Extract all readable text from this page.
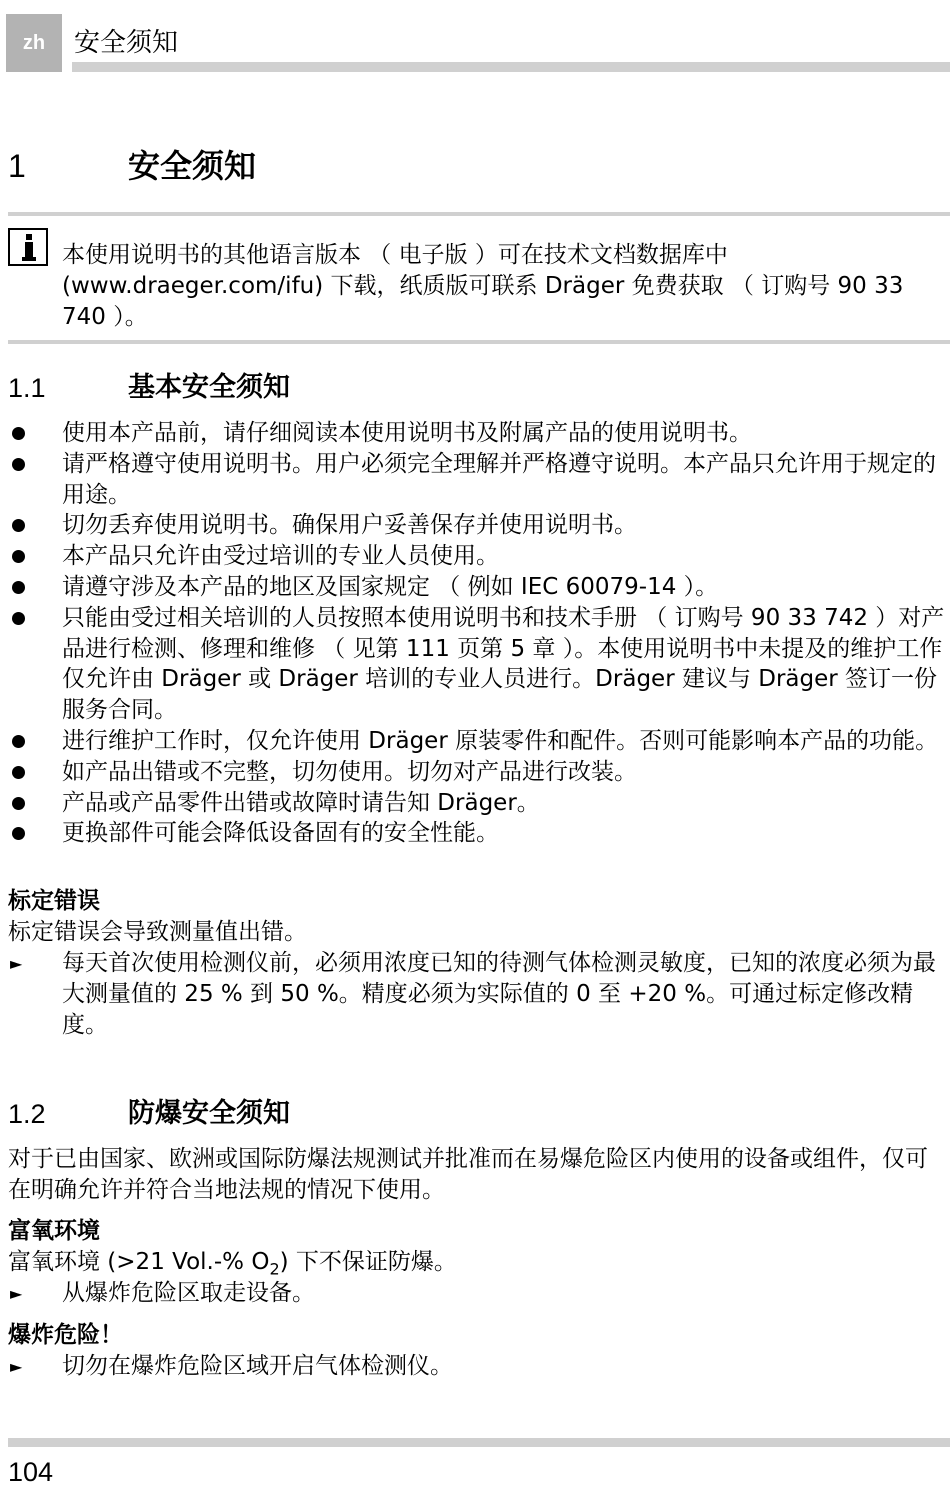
zh	安全须知
1	安全须知
本使用说明书的其他语言版本 （ 电子版 ）可在技术文档数据库中 (www.draeger.com/ifu) 下载，纸质版可联系 Dräger 免费获取 （ 订购号 90 33 740 ）。
1.1	基本安全须知
使用本产品前，请仔细阅读本使用说明书及附属产品的使用说明书。
请严格遵守使用说明书。用户必须完全理解并严格遵守说明。本产品只允许用于规定的用途。
切勿丢弃使用说明书。确保用户妥善保存并使用说明书。
本产品只允许由受过培训的专业人员使用。
请遵守涉及本产品的地区及国家规定 （ 例如 IEC 60079-14 ）。
只能由受过相关培训的人员按照本使用说明书和技术手册 （ 订购号 90 33 742 ）对产品进行检测、修理和维修 （ 见第 111 页第 5 章 ）。本使用说明书中未提及的维护工作仅允许由 Dräger 或 Dräger 培训的专业人员进行。Dräger 建议与 Dräger 签订一份服务合同。
进行维护工作时，仅允许使用 Dräger 原装零件和配件。否则可能影响本产品的功能。
如产品出错或不完整，切勿使用。切勿对产品进行改装。
产品或产品零件出错或故障时请告知 Dräger。
更换部件可能会降低设备固有的安全性能。
标定错误
标定错误会导致测量值出错。
► 每天首次使用检测仪前，必须用浓度已知的待测气体检测灵敏度，已知的浓度必须为最大测量值的 25 % 到 50 %。精度必须为实际值的 0 至 +20 %。可通过标定修改精度。
1.2	防爆安全须知
对于已由国家、欧洲或国际防爆法规测试并批准而在易爆危险区内使用的设备或组件，仅可在明确允许并符合当地法规的情况下使用。
富氧环境
富氧环境 (>21 Vol.-% $O_2$) 下不保证防爆。
► 从爆炸危险区取走设备。
爆炸危险！
► 切勿在爆炸危险区域开启气体检测仪。
104
